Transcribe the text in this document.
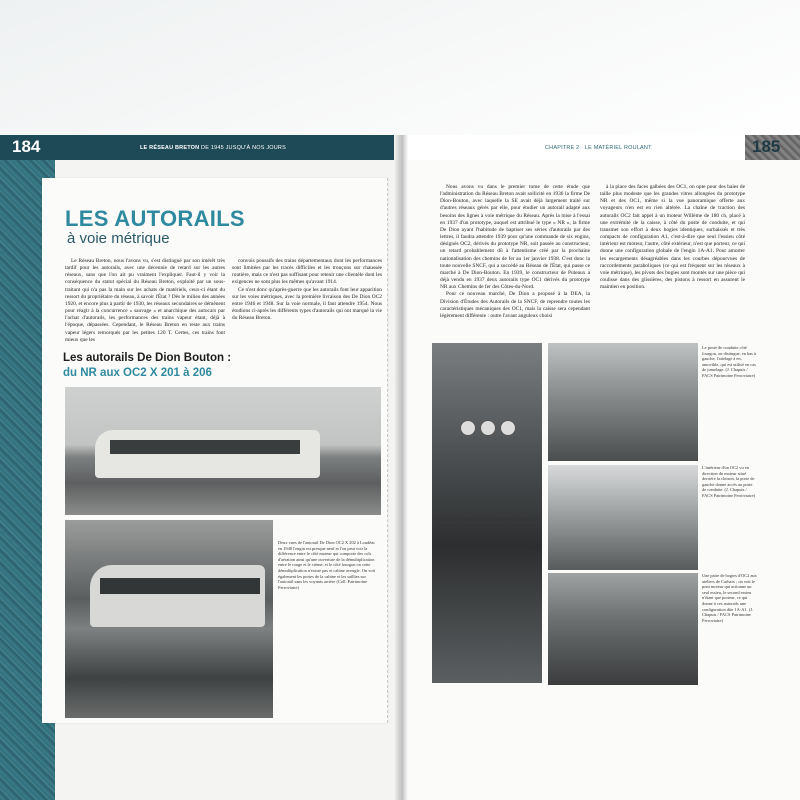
184	185
LE RÉSEAU BRETON DE 1945 JUSQU'À NOS JOURS	CHAPITRE 2 · LE MATÉRIEL ROULANT
LES AUTORAILS
à voie métrique

Le Réseau Breton, nous l'avons vu, s'est distingué par son intérêt très tardif pour les autorails, avec une décennie de retard sur les autres réseaux, sans que l'on ait pu vraiment l'expliquer. Faut-il y voir la conséquence du statut spécial du Réseau Breton, exploité par un sous-traitant qui n'a pas la main sur les achats de matériels, ceux-ci étant du ressort du propriétaire du réseau, à savoir l'État ? Dès le milieu des années 1920, et encore plus à partir de 1930, les réseaux secondaires se démènent pour réagir à la concurrence « sauvage » et anarchique des autocars par l'achat d'autorails, les performances des trains vapeur étant, déjà à l'époque, dépassées. Cependant, le Réseau Breton en reste aux trains vapeur légers remorqués par les petites 120 T. Certes, ces trains font mieux que les

convois poussifs des trains départementaux dont les performances sont limitées par les tracés difficiles et les tronçons sur chaussée routière, mais ce n'est pas suffisant pour retenir une clientèle dont les exigences ne sont plus les mêmes qu'avant 1914.

Ce n'est donc qu'après-guerre que les autorails font leur apparition sur les voies métriques, avec la première livraison des De Dion OC2 entre 1946 et 1948. Sur la voie normale, il faut attendre 1954. Nous étudions ci-après les différents types d'autorails qui ont marqué la vie du Réseau Breton.

Les autorails De Dion Bouton :
du NR aux OC2 X 201 à 206
Deux vues de l'autorail De Dion OC2 X 202 à Loudéac en 1948 l'engin est presque neuf et l'on peut voir la différence entre le côté moteur qui comporte des cols d'aération ainsi qu'une ouverture de la démultiplication entre le rouge et le crème, et le côté fourgon ou cette démultiplication n'existe pas et cabine aveugle. On voit également les portes de la cabine et les saillies sur l'autorail sans les voyants arrière (Coll. Patrimoine Ferroviaire)

Nous avons vu dans le premier tome de cette étude que l'administration du Réseau Breton avait sollicité en 1936 la firme De Dion-Bouton, avec laquelle la SE avait déjà largement traité sur d'autres réseaux gérés par elle, pour étudier un autorail adapté aux besoins des lignes à voie métrique du Réseau. Après la mise à l'essai en 1937 d'un prototype, auquel est attribué le type « NR », la firme De Dion ayant l'habitude de baptiser ses séries d'autorails par des lettres, il faudra attendre 1939 pour qu'une commande de six engins, désignés OC2, dérivés du prototype NR, soit passée au constructeur, un retard probablement dû à l'attentisme créé par la prochaine nationalisation des chemins de fer au 1er janvier 1938. C'est donc la toute nouvelle SNCF, qui a succédé au Réseau de l'État, qui passe ce marché à De Dion-Bouton. En 1939, le constructeur de Puteaux a déjà vendu en 1937 deux autorails type OC1 dérivés du prototype NR aux Chemins de fer des Côtes-du-Nord.

Pour ce nouveau marché, De Dion a proposé à la DEA, la Division d'Études des Autorails de la SNCF, de reprendre toutes les caractéristiques mécaniques des OC1, mais la caisse sera cependant légèrement différente : outre l'avant anguleux choisi

à la place des faces galbées des OC1, on opte pour des baies de taille plus modeste que les grandes vitres allongées du prototype NR et des OC1, même si la vue panoramique offerte aux voyageurs n'en est en rien altérée. La chaîne de traction des autorails OC2 fait appel à un moteur Willème de 180 ch, placé à une extrémité de la caisse, à côté du poste de conduite, et qui transmet son effort à deux bogies identiques, surbaissés et très compacts de configuration A1, c'est-à-dire que seul l'essieu côté intérieur est moteur, l'autre, côté extérieur, n'est que porteur, ce qui donne une configuration globale de l'engin 1A-A1. Pour amorter les escargements désagréables dans les courbes dépourvues de raccordements paraboliques (ce qui est fréquent sur les réseaux à voie métrique), les pivots des bogies sont montés sur une pièce qui coulisse dans des glissières, des pistons à ressort en assurent le maintien en position.

Le poste de conduite d'un OC2 côté moteur, comme c'est souvent le cas sur les autorails anciens, le conducteur est assis juste à côté du moteur qui se situe sur sa droite et qui est recouvert d'un simple capot. Il faut supporter le vacarme de l'engin et la chaleur qu'il dégage, sans parler de l'odeur d'huile. (J. Chapuis / FACS Patrimoine Ferroviaire)
Le poste de conduite côté fourgon, on distingue, en bas à gauche, l'attelage à en, amovible, qui est utilisé en cas de jumelage. (J. Chapuis / FACS Patrimoine Ferroviaire)
L'intérieur d'un OC2 vu en direction du moteur situé derrière la cloison, la porte de gauche donne accès au poste de conduite. (J. Chapuis / FACS Patrimoine Ferroviaire)
Une paire de bogies d'OC2 aux ateliers de Carhaix ; on voit le pont moteur qui actionne un seul essieu, le second essieu n'étant que porteur, ce qui donne à ces autorails une configuration dite 1A-A1. (J. Chapuis / FACS Patrimoine Ferroviaire)
